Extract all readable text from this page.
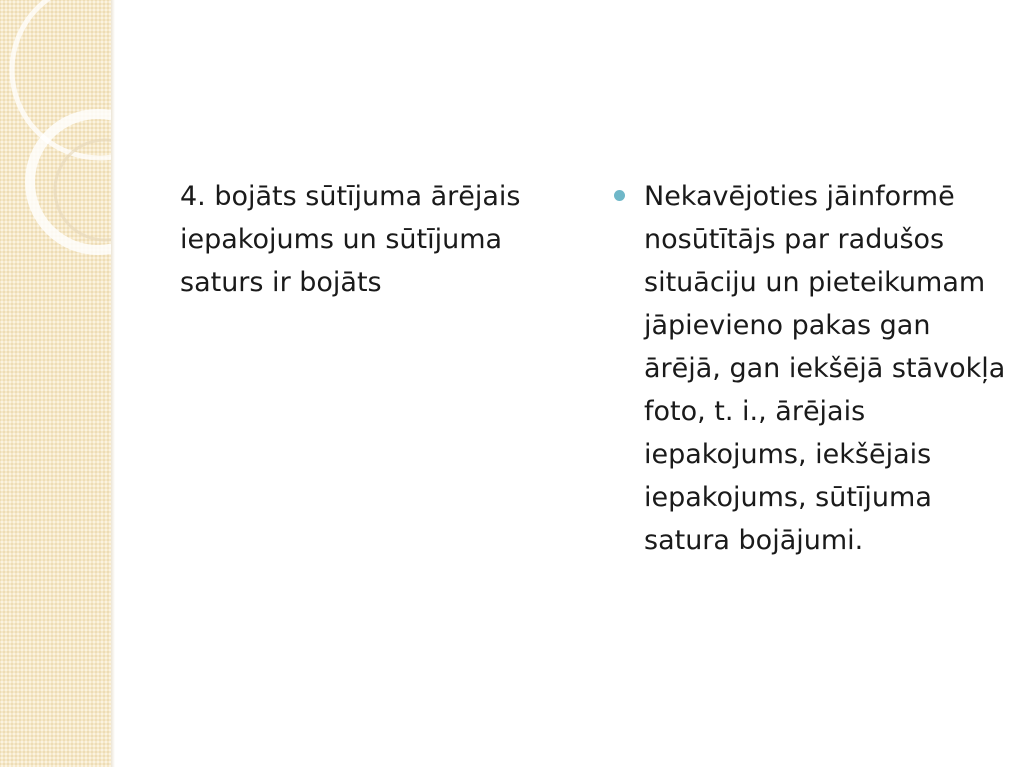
4. bojāts sūtījuma ārējais iepakojums un sūtījuma saturs ir bojāts
Nekavējoties jāinformē nosūtītājs par radušos situāciju un pieteikumam jāpievieno pakas gan ārējā, gan iekšējā stāvokļa foto, t. i., ārējais iepakojums, iekšējais iepakojums, sūtījuma satura bojājumi.
